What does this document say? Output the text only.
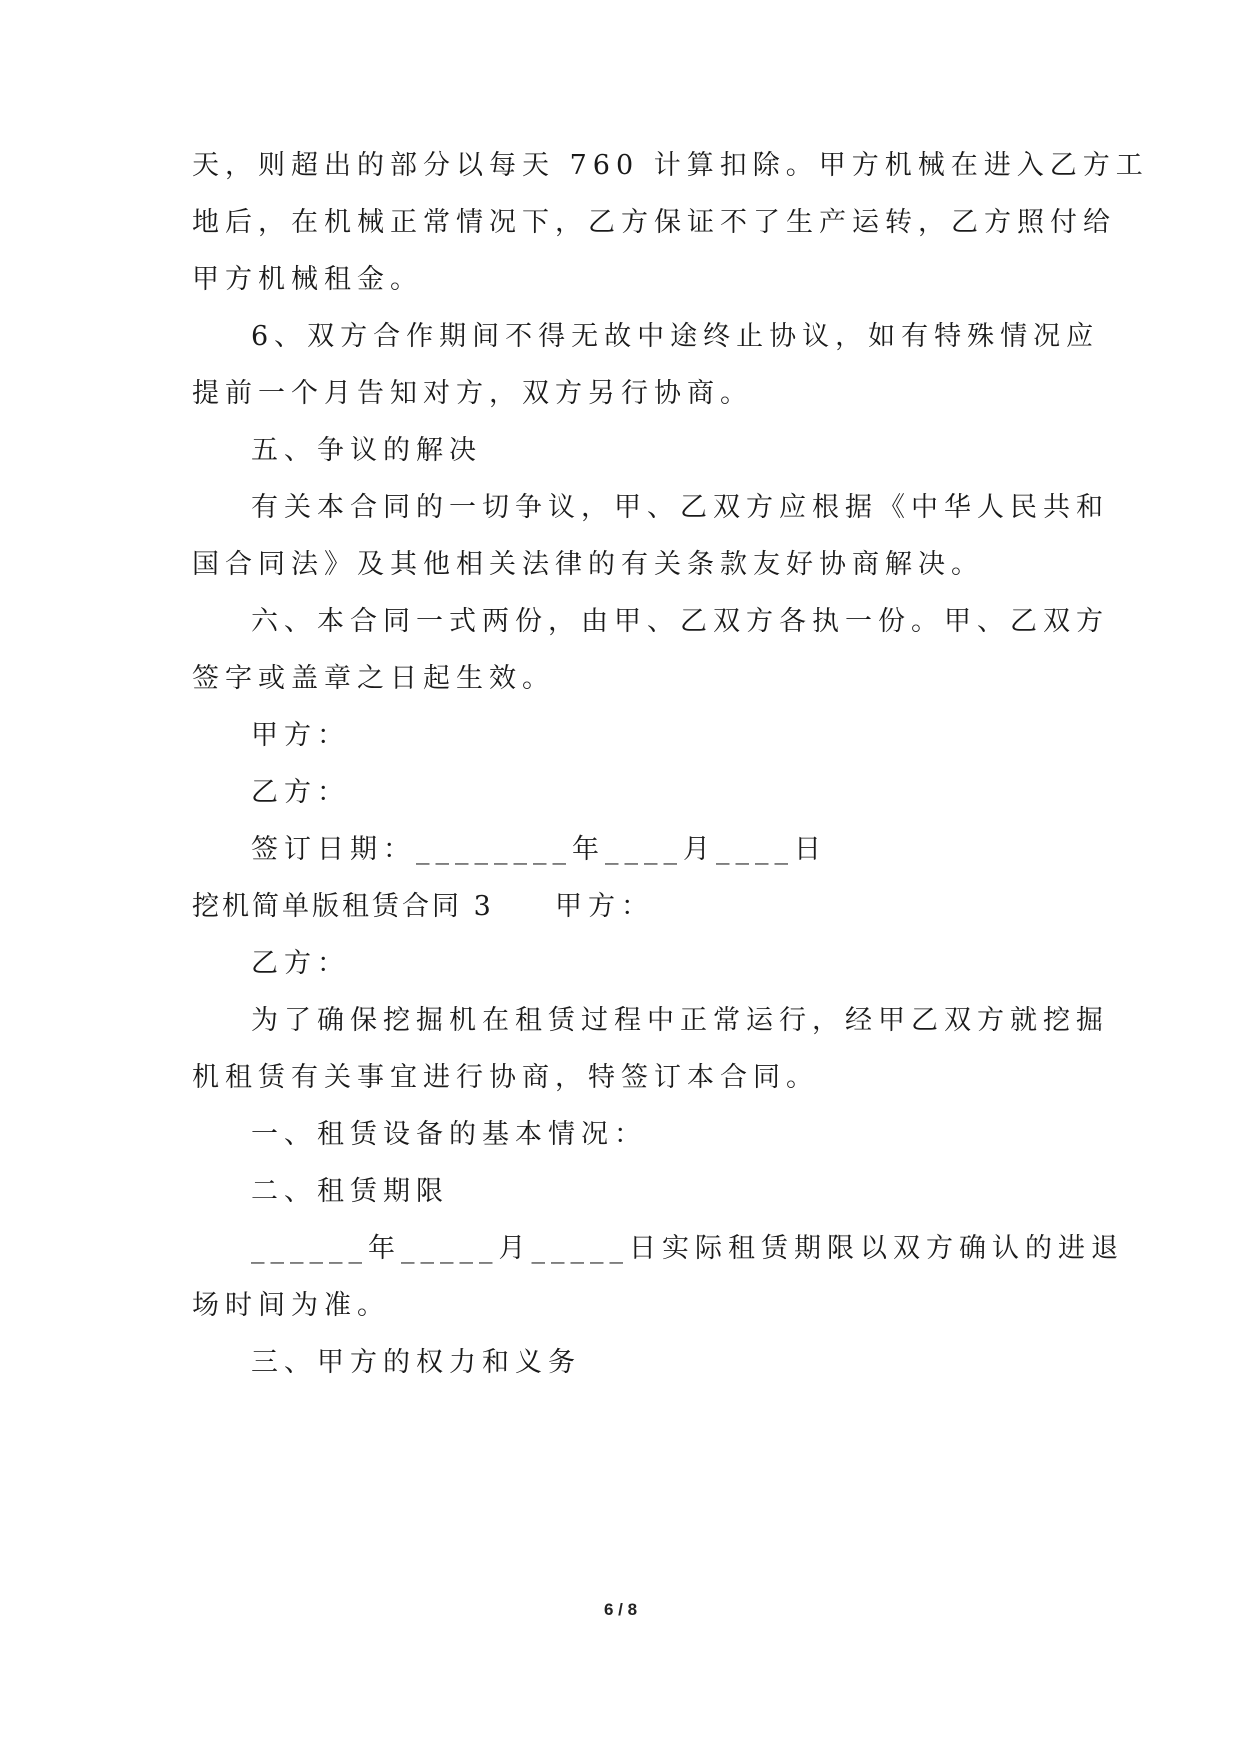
天，则超出的部分以每天 760 计算扣除。甲方机械在进入乙方工
地后，在机械正常情况下，乙方保证不了生产运转，乙方照付给
甲方机械租金。
6、双方合作期间不得无故中途终止协议，如有特殊情况应
提前一个月告知对方，双方另行协商。
五、争议的解决
有关本合同的一切争议，甲、乙双方应根据《中华人民共和
国合同法》及其他相关法律的有关条款友好协商解决。
六、本合同一式两份，由甲、乙双方各执一份。甲、乙双方
签字或盖章之日起生效。
甲方：
乙方：
签订日期：________年____月____日
挖机简单版租赁合同 3 甲方：
乙方：
为了确保挖掘机在租赁过程中正常运行，经甲乙双方就挖掘
机租赁有关事宜进行协商，特签订本合同。
一、租赁设备的基本情况：
二、租赁期限
______年_____月_____日实际租赁期限以双方确认的进退
场时间为准。
三、甲方的权力和义务
6 / 8
